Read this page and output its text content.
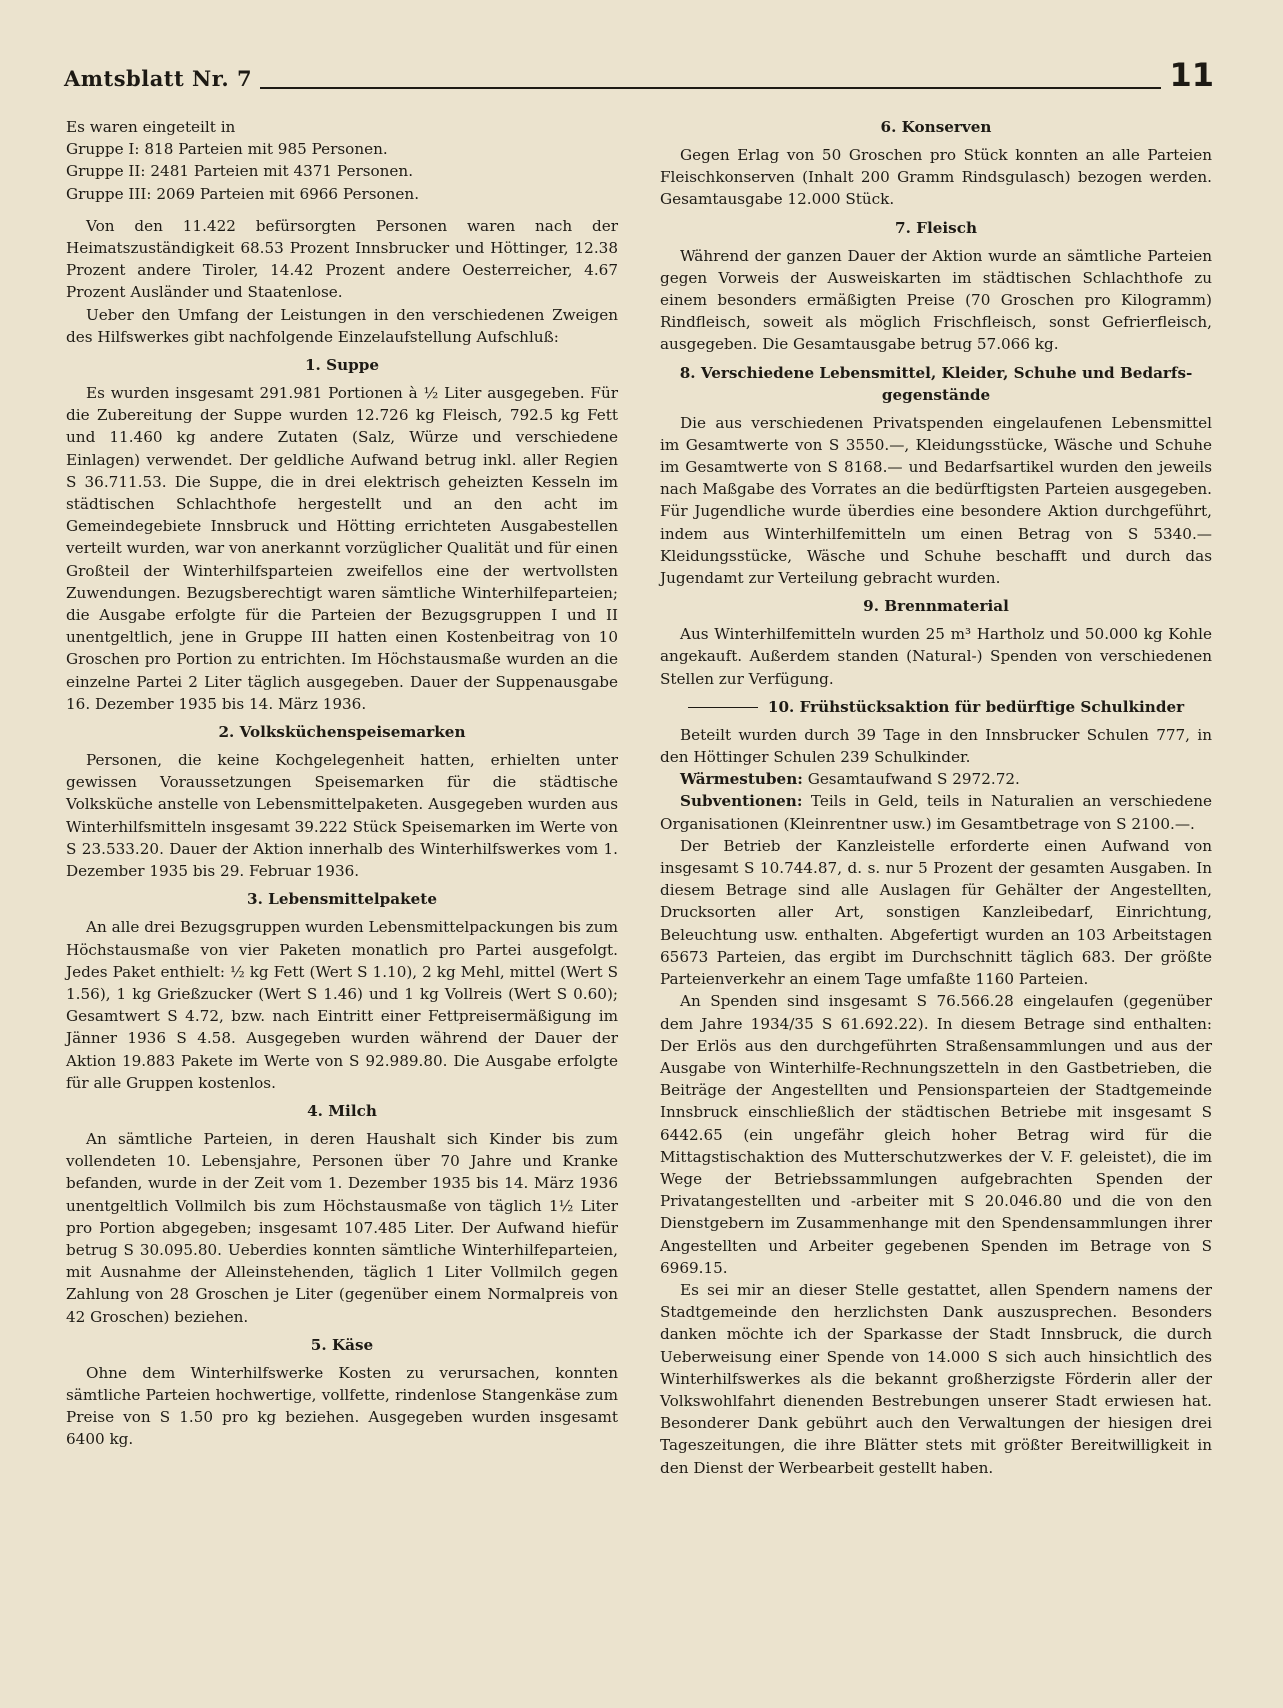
Amtsblatt Nr. 7	11

Es waren eingeteilt in

Gruppe I: 818 Parteien mit 985 Personen.

Gruppe II: 2481 Parteien mit 4371 Personen.

Gruppe III: 2069 Parteien mit 6966 Personen.

Von den 11.422 befürsorgten Personen waren nach der Heimatszuständigkeit 68.53 Prozent Innsbrucker und Höttinger, 12.38 Prozent andere Tiroler, 14.42 Prozent andere Oesterreicher, 4.67 Prozent Ausländer und Staatenlose.

Ueber den Umfang der Leistungen in den verschiedenen Zweigen des Hilfswerkes gibt nachfolgende Einzelaufstellung Aufschluß:

1. Suppe

Es wurden insgesamt 291.981 Portionen à ½ Liter ausgegeben. Für die Zubereitung der Suppe wurden 12.726 kg Fleisch, 792.5 kg Fett und 11.460 kg andere Zutaten (Salz, Würze und verschiedene Einlagen) verwendet. Der geldliche Aufwand betrug inkl. aller Regien S 36.711.53. Die Suppe, die in drei elektrisch geheizten Kesseln im städtischen Schlachthofe hergestellt und an den acht im Gemeindegebiete Innsbruck und Hötting errichteten Ausgabestellen verteilt wurden, war von anerkannt vorzüglicher Qualität und für einen Großteil der Winterhilfsparteien zweifellos eine der wertvollsten Zuwendungen. Bezugsberechtigt waren sämtliche Winterhilfeparteien; die Ausgabe erfolgte für die Parteien der Bezugsgruppen I und II unentgeltlich, jene in Gruppe III hatten einen Kostenbeitrag von 10 Groschen pro Portion zu entrichten. Im Höchstausmaße wurden an die einzelne Partei 2 Liter täglich ausgegeben. Dauer der Suppenausgabe 16. Dezember 1935 bis 14. März 1936.

2. Volksküchenspeisemarken

Personen, die keine Kochgelegenheit hatten, erhielten unter gewissen Voraussetzungen Speisemarken für die städtische Volksküche anstelle von Lebensmittelpaketen. Ausgegeben wurden aus Winterhilfsmitteln insgesamt 39.222 Stück Speisemarken im Werte von S 23.533.20. Dauer der Aktion innerhalb des Winterhilfswerkes vom 1. Dezember 1935 bis 29. Februar 1936.

3. Lebensmittelpakete

An alle drei Bezugsgruppen wurden Lebensmittelpackungen bis zum Höchstausmaße von vier Paketen monatlich pro Partei ausgefolgt. Jedes Paket enthielt: ½ kg Fett (Wert S 1.10), 2 kg Mehl, mittel (Wert S 1.56), 1 kg Grießzucker (Wert S 1.46) und 1 kg Vollreis (Wert S 0.60); Gesamtwert S 4.72, bzw. nach Eintritt einer Fettpreisermäßigung im Jänner 1936 S 4.58. Ausgegeben wurden während der Dauer der Aktion 19.883 Pakete im Werte von S 92.989.80. Die Ausgabe erfolgte für alle Gruppen kostenlos.

4. Milch

An sämtliche Parteien, in deren Haushalt sich Kinder bis zum vollendeten 10. Lebensjahre, Personen über 70 Jahre und Kranke befanden, wurde in der Zeit vom 1. Dezember 1935 bis 14. März 1936 unentgeltlich Vollmilch bis zum Höchstausmaße von täglich 1½ Liter pro Portion abgegeben; insgesamt 107.485 Liter. Der Aufwand hiefür betrug S 30.095.80. Ueberdies konnten sämtliche Winterhilfeparteien, mit Ausnahme der Alleinstehenden, täglich 1 Liter Vollmilch gegen Zahlung von 28 Groschen je Liter (gegenüber einem Normalpreis von 42 Groschen) beziehen.

5. Käse

Ohne dem Winterhilfswerke Kosten zu verursachen, konnten sämtliche Parteien hochwertige, vollfette, rindenlose Stangenkäse zum Preise von S 1.50 pro kg beziehen. Ausgegeben wurden insgesamt 6400 kg.

6. Konserven

Gegen Erlag von 50 Groschen pro Stück konnten an alle Parteien Fleischkonserven (Inhalt 200 Gramm Rindsgulasch) bezogen werden. Gesamtausgabe 12.000 Stück.

7. Fleisch

Während der ganzen Dauer der Aktion wurde an sämtliche Parteien gegen Vorweis der Ausweiskarten im städtischen Schlachthofe zu einem besonders ermäßigten Preise (70 Groschen pro Kilogramm) Rindfleisch, soweit als möglich Frischfleisch, sonst Gefrierfleisch, ausgegeben. Die Gesamtausgabe betrug 57.066 kg.

8. Verschiedene Lebensmittel, Kleider, Schuhe und Bedarfs-
gegenstände

Die aus verschiedenen Privatspenden eingelaufenen Lebensmittel im Gesamtwerte von S 3550.—, Kleidungsstücke, Wäsche und Schuhe im Gesamtwerte von S 8168.— und Bedarfsartikel wurden den jeweils nach Maßgabe des Vorrates an die bedürftigsten Parteien ausgegeben. Für Jugendliche wurde überdies eine besondere Aktion durchgeführt, indem aus Winterhilfemitteln um einen Betrag von S 5340.— Kleidungsstücke, Wäsche und Schuhe beschafft und durch das Jugendamt zur Verteilung gebracht wurden.

9. Brennmaterial

Aus Winterhilfemitteln wurden 25 m³ Hartholz und 50.000 kg Kohle angekauft. Außerdem standen (Natural-) Spenden von verschiedenen Stellen zur Verfügung.

10. Frühstücksaktion für bedürftige Schulkinder

Beteilt wurden durch 39 Tage in den Innsbrucker Schulen 777, in den Höttinger Schulen 239 Schulkinder.

Wärmestuben: Gesamtaufwand S 2972.72.

Subventionen: Teils in Geld, teils in Naturalien an verschiedene Organisationen (Kleinrentner usw.) im Gesamtbetrage von S 2100.—.

Der Betrieb der Kanzleistelle erforderte einen Aufwand von insgesamt S 10.744.87, d. s. nur 5 Prozent der gesamten Ausgaben. In diesem Betrage sind alle Auslagen für Gehälter der Angestellten, Drucksorten aller Art, sonstigen Kanzleibedarf, Einrichtung, Beleuchtung usw. enthalten. Abgefertigt wurden an 103 Arbeitstagen 65673 Parteien, das ergibt im Durchschnitt täglich 683. Der größte Parteienverkehr an einem Tage umfaßte 1160 Parteien.

An Spenden sind insgesamt S 76.566.28 eingelaufen (gegenüber dem Jahre 1934/35 S 61.692.22). In diesem Betrage sind enthalten: Der Erlös aus den durchgeführten Straßensammlungen und aus der Ausgabe von Winterhilfe-Rechnungszetteln in den Gastbetrieben, die Beiträge der Angestellten und Pensionsparteien der Stadtgemeinde Innsbruck einschließlich der städtischen Betriebe mit insgesamt S 6442.65 (ein ungefähr gleich hoher Betrag wird für die Mittagstischaktion des Mutterschutzwerkes der V. F. geleistet), die im Wege der Betriebssammlungen aufgebrachten Spenden der Privatangestellten und -arbeiter mit S 20.046.80 und die von den Dienstgebern im Zusammenhange mit den Spendensammlungen ihrer Angestellten und Arbeiter gegebenen Spenden im Betrage von S 6969.15.

Es sei mir an dieser Stelle gestattet, allen Spendern namens der Stadtgemeinde den herzlichsten Dank auszusprechen. Besonders danken möchte ich der Sparkasse der Stadt Innsbruck, die durch Ueberweisung einer Spende von 14.000 S sich auch hinsichtlich des Winterhilfswerkes als die bekannt großherzigste Förderin aller der Volkswohlfahrt dienenden Bestrebungen unserer Stadt erwiesen hat. Besonderer Dank gebührt auch den Verwaltungen der hiesigen drei Tageszeitungen, die ihre Blätter stets mit größter Bereitwilligkeit in den Dienst der Werbearbeit gestellt haben.
